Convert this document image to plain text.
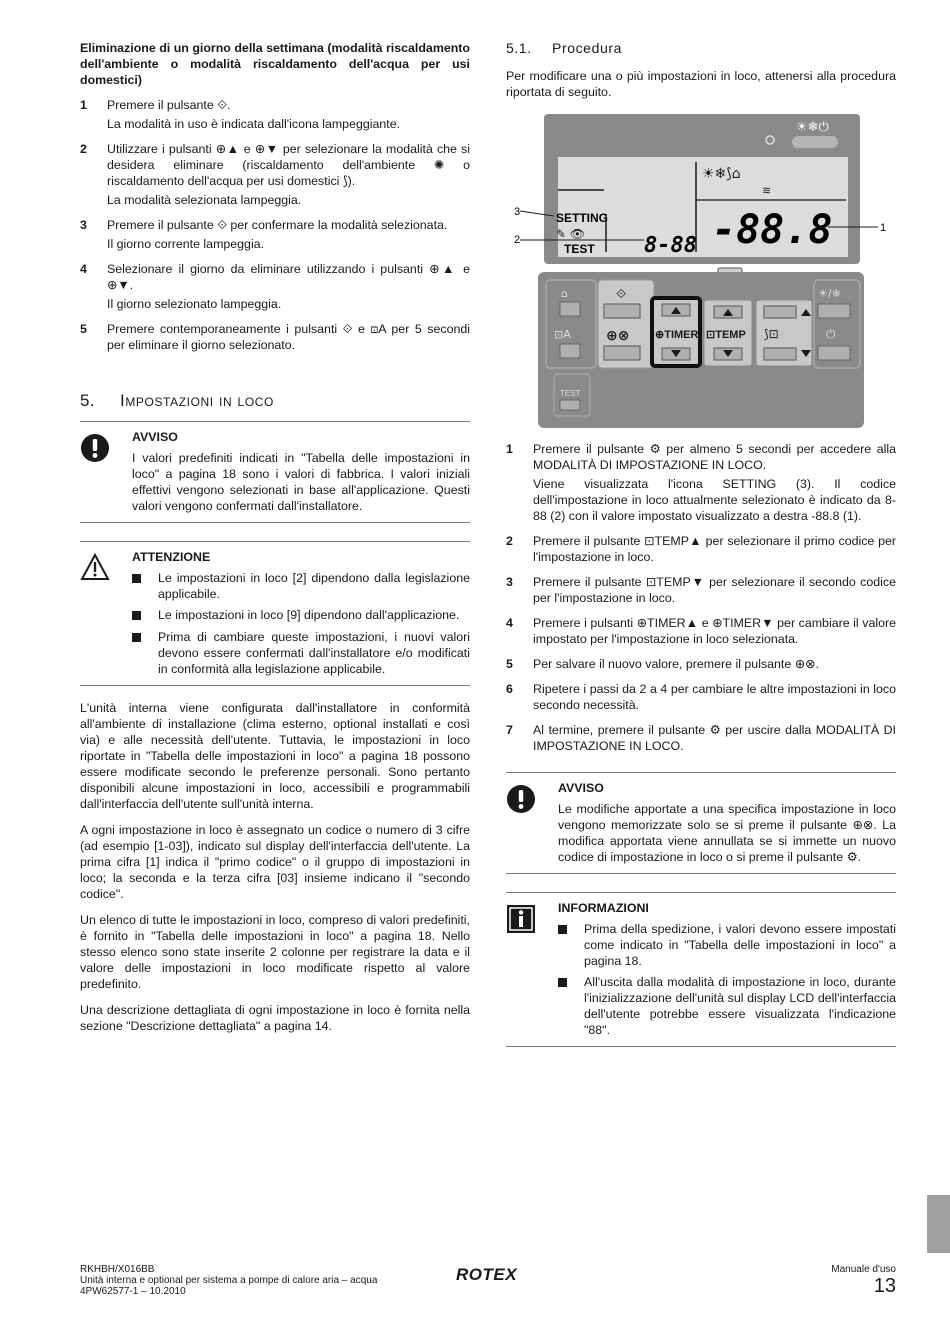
Eliminazione di un giorno della settimana (modalità riscaldamento dell'ambiente o modalità riscaldamento dell'acqua per usi domestici)

1	Premere il pulsante ⟐.

La modalità in uso è indicata dall'icona lampeggiante.

2	Utilizzare i pulsanti ⊕▲ e ⊕▼ per selezionare la modalità che si desidera eliminare (riscaldamento dell'ambiente ✺ o riscaldamento dell'acqua per usi domestici ⟆).

La modalità selezionata lampeggia.

3	Premere il pulsante ⟐ per confermare la modalità selezionata.

Il giorno corrente lampeggia.

4	Selezionare il giorno da eliminare utilizzando i pulsanti ⊕▲ e ⊕▼.

Il giorno selezionato lampeggia.

5	Premere contemporaneamente i pulsanti ⟐ e ⊡A per 5 secondi per eliminare il giorno selezionato.

5.	Impostazioni in loco
AVVISO

I valori predefiniti indicati in "Tabella delle impostazioni in loco" a pagina 18 sono i valori di fabbrica. I valori iniziali effettivi vengono selezionati in base all'applicazione. Questi valori vengono confermati dall'installatore.

ATTENZIONE
Le impostazioni in loco [2] dipendono dalla legislazione applicabile.
Le impostazioni in loco [9] dipendono dall'applicazione.
Prima di cambiare queste impostazioni, i nuovi valori devono essere confermati dall'installatore e/o modificati in conformità alla legislazione applicabile.

L'unità interna viene configurata dall'installatore in conformità all'ambiente di installazione (clima esterno, optional installati e così via) e alle necessità dell'utente. Tuttavia, le impostazioni in loco riportate in "Tabella delle impostazioni in loco" a pagina 18 possono essere modificate secondo le preferenze personali. Sono pertanto disponibili alcune impostazioni in loco, accessibili e programmabili dall'interfaccia dell'utente sull'unità interna.

A ogni impostazione in loco è assegnato un codice o numero di 3 cifre (ad esempio [1-03]), indicato sul display dell'interfaccia dell'utente. La prima cifra [1] indica il "primo codice" o il gruppo di impostazioni in loco; la seconda e la terza cifra [03] insieme indicano il "secondo codice".

Un elenco di tutte le impostazioni in loco, compreso di valori predefiniti, è fornito in "Tabella delle impostazioni in loco" a pagina 18. Nello stesso elenco sono state inserite 2 colonne per registrare la data e il valore delle impostazioni in loco modificate rispetto al valore predefinito.

Una descrizione dettagliata di ogni impostazione in loco è fornita nella sezione "Descrizione dettagliata" a pagina 14.

5.1.	Procedura

Per modificare una o più impostazioni in loco, attenersi alla procedura riportata di seguito.

☀❄⏻
SETTING
✎ 👁
TEST 8-88
☀❄⟆⌂
≋
-88.8
3
2
1
⌂
⊡A
TEST
⟐
⊕⊗ ⊕TIMER ⊡TEMP ⟆⊡
☀/❄
⏻
1	Premere il pulsante ⚙ per almeno 5 secondi per accedere alla MODALITÀ DI IMPOSTAZIONE IN LOCO.

Viene visualizzata l'icona SETTING (3). Il codice dell'impostazione in loco attualmente selezionato è indicato da 8-88 (2) con il valore impostato visualizzato a destra -88.8 (1).

2	Premere il pulsante ⊡TEMP▲ per selezionare il primo codice per l'impostazione in loco.

3	Premere il pulsante ⊡TEMP▼ per selezionare il secondo codice per l'impostazione in loco.

4	Premere i pulsanti ⊕TIMER▲ e ⊕TIMER▼ per cambiare il valore impostato per l'impostazione in loco selezionata.

5	Per salvare il nuovo valore, premere il pulsante ⊕⊗.

6	Ripetere i passi da 2 a 4 per cambiare le altre impostazioni in loco secondo necessità.

7	Al termine, premere il pulsante ⚙ per uscire dalla MODALITÀ DI IMPOSTAZIONE IN LOCO.

AVVISO

Le modifiche apportate a una specifica impostazione in loco vengono memorizzate solo se si preme il pulsante ⊕⊗. La modifica apportata viene annullata se si immette un nuovo codice di impostazione in loco o si preme il pulsante ⚙.

INFORMAZIONI
Prima della spedizione, i valori devono essere impostati come indicato in "Tabella delle impostazioni in loco" a pagina 18.
All'uscita dalla modalità di impostazione in loco, durante l'inizializzazione dell'unità sul display LCD dell'interfaccia dell'utente potrebbe essere visualizzata l'indicazione "88".
RKHBH/X016BB
Unità interna e optional per sistema a pompe di calore aria – acqua
4PW62577-1 – 10.2010
ROTEX	Manuale d'uso
13
